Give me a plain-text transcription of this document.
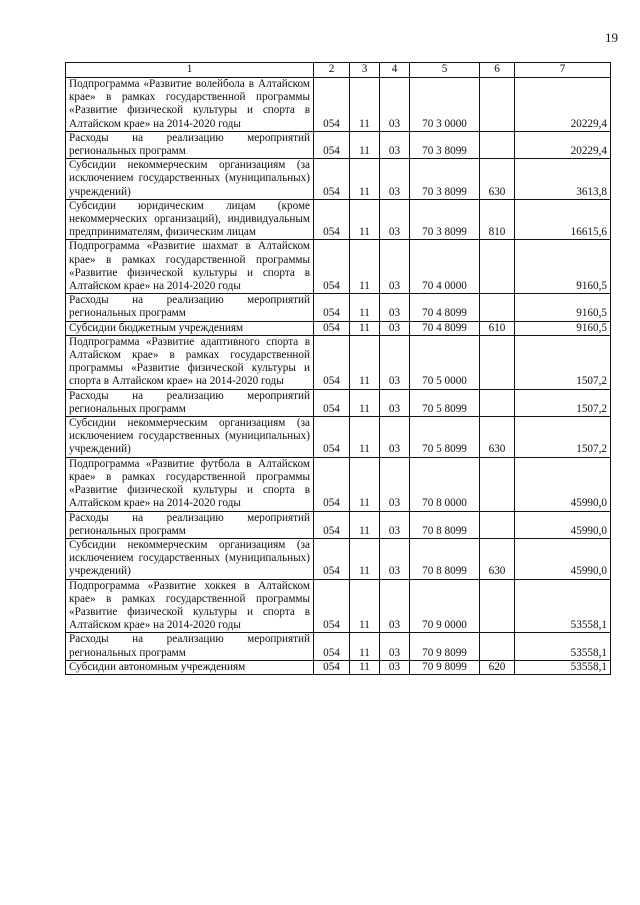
19
1	2	3	4	5	6	7
Подпрограмма «Развитие волейбола в Алтайском крае» в рамках государственной программы «Развитие физической культуры и спорта в Алтайском крае» на 2014-2020 годы	054	11	03	70 3 0000		20229,4
Расходы на реализацию мероприятий региональных программ	054	11	03	70 3 8099		20229,4
Субсидии некоммерческим организациям (за исключением государственных (муниципальных) учреждений)	054	11	03	70 3 8099	630	3613,8
Субсидии юридическим лицам (кроме некоммерческих организаций), индивидуальным предпринимателям, физическим лицам	054	11	03	70 3 8099	810	16615,6
Подпрограмма «Развитие шахмат в Алтайском крае» в рамках государственной программы «Развитие физической культуры и спорта в Алтайском крае» на 2014-2020 годы	054	11	03	70 4 0000		9160,5
Расходы на реализацию мероприятий региональных программ	054	11	03	70 4 8099		9160,5
Субсидии бюджетным учреждениям	054	11	03	70 4 8099	610	9160,5
Подпрограмма «Развитие адаптивного спорта в Алтайском крае» в рамках государственной программы «Развитие физической культуры и спорта в Алтайском крае» на 2014-2020 годы	054	11	03	70 5 0000		1507,2
Расходы на реализацию мероприятий региональных программ	054	11	03	70 5 8099		1507,2
Субсидии некоммерческим организациям (за исключением государственных (муниципальных) учреждений)	054	11	03	70 5 8099	630	1507,2
Подпрограмма «Развитие футбола в Алтайском крае» в рамках государственной программы «Развитие физической культуры и спорта в Алтайском крае» на 2014-2020 годы	054	11	03	70 8 0000		45990,0
Расходы на реализацию мероприятий региональных программ	054	11	03	70 8 8099		45990,0
Субсидии некоммерческим организациям (за исключением государственных (муниципальных) учреждений)	054	11	03	70 8 8099	630	45990,0
Подпрограмма «Развитие хоккея в Алтайском крае» в рамках государственной программы «Развитие физической культуры и спорта в Алтайском крае» на 2014-2020 годы	054	11	03	70 9 0000		53558,1
Расходы на реализацию мероприятий региональных программ	054	11	03	70 9 8099		53558,1
Субсидии автономным учреждениям	054	11	03	70 9 8099	620	53558,1
